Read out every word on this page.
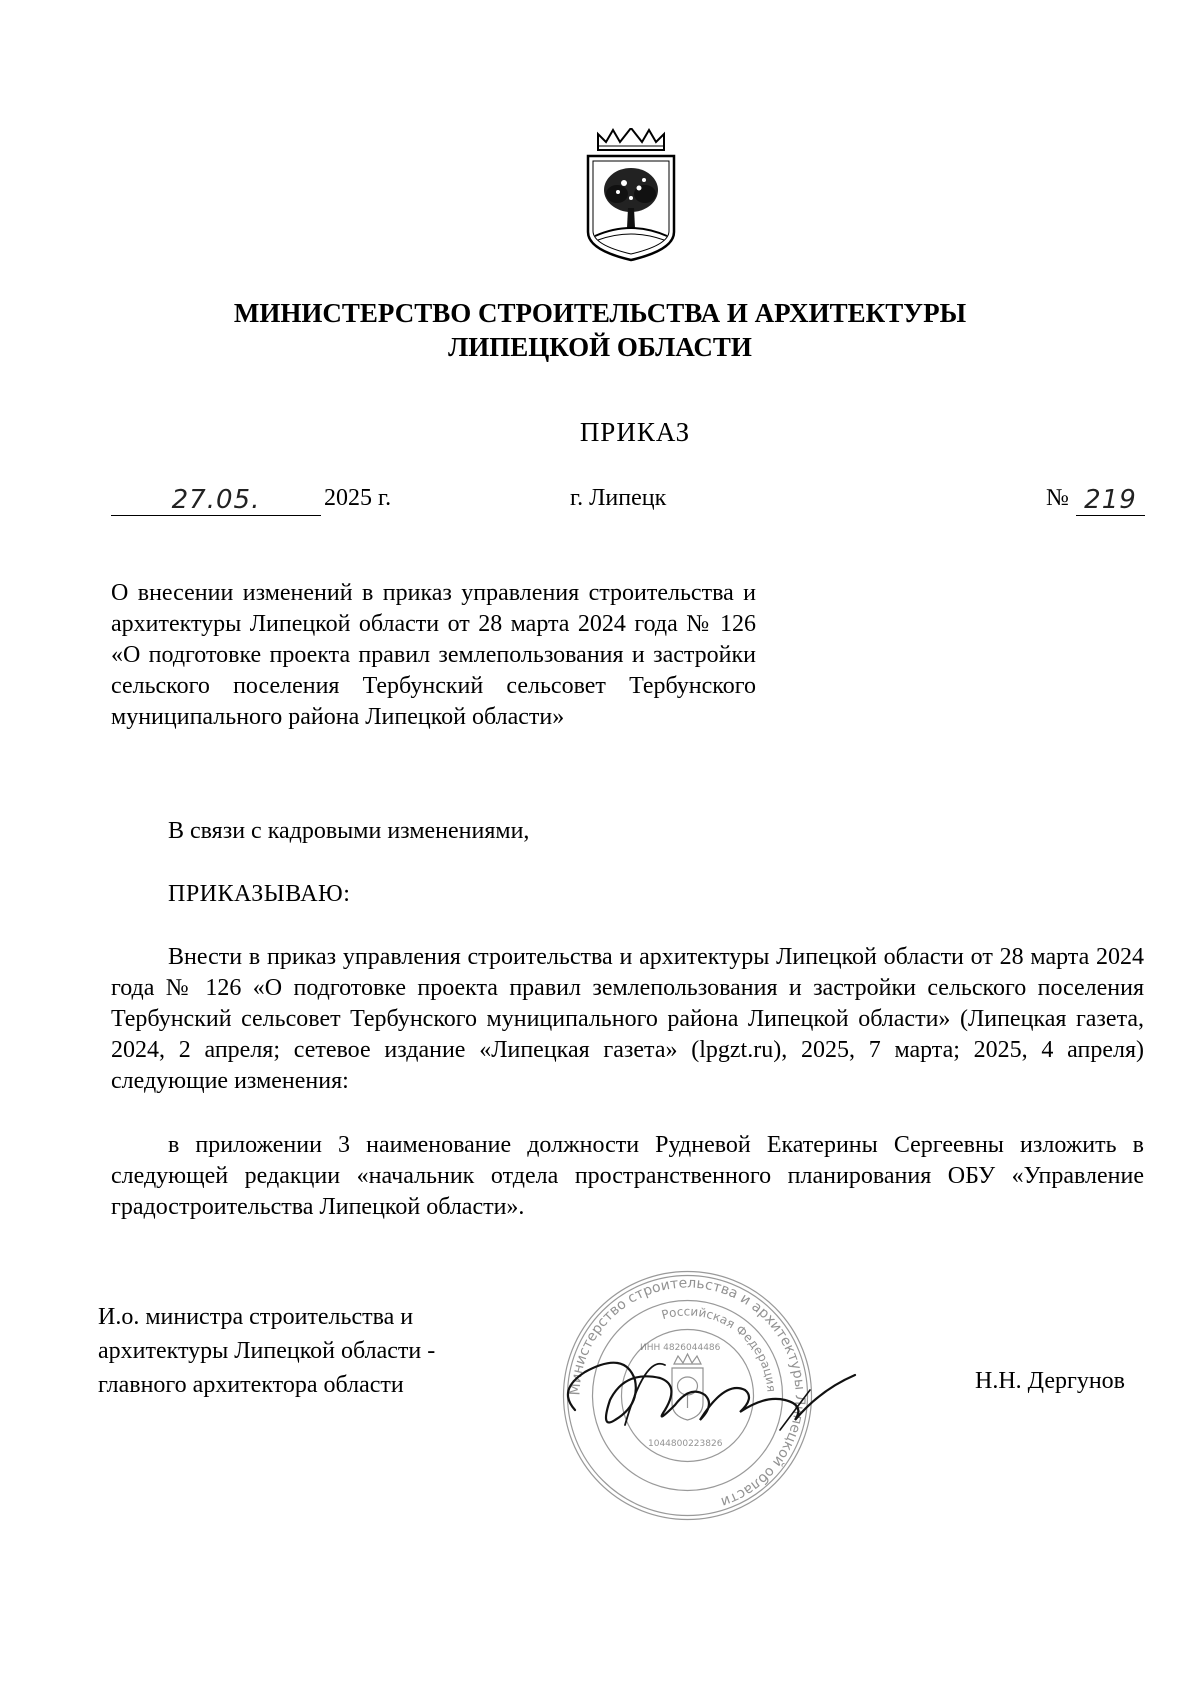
МИНИСТЕРСТВО СТРОИТЕЛЬСТВА И АРХИТЕКТУРЫ
ЛИПЕЦКОЙ ОБЛАСТИ
ПРИКАЗ
27.05.	2025 г.	г. Липецк	№ 219
О внесении изменений в приказ управления строительства и архитектуры Липецкой области от 28 марта 2024 года № 126 «О подготовке проекта правил землепользования и застройки сельского поселения Тербунский сельсовет Тербунского муниципального района Липецкой области»
В связи с кадровыми изменениями,
ПРИКАЗЫВАЮ:
Внести в приказ управления строительства и архитектуры Липецкой области от 28 марта 2024 года № 126 «О подготовке проекта правил землепользования и застройки сельского поселения Тербунский сельсовет Тербунского муниципального района Липецкой области» (Липецкая газета, 2024, 2 апреля; сетевое издание «Липецкая газета» (lpgzt.ru), 2025, 7 марта; 2025, 4 апреля) следующие изменения:
в приложении 3 наименование должности Рудневой Екатерины Сергеевны изложить в следующей редакции «начальник отдела пространственного планирования ОБУ «Управление градостроительства Липецкой области».
И.о. министра строительства и
архитектуры Липецкой области -
главного архитектора области	Министерство строительства и архитектуры Липецкой области
Российская Федерация
ИНН 4826044486
1044800223826
Н.Н. Дергунов
